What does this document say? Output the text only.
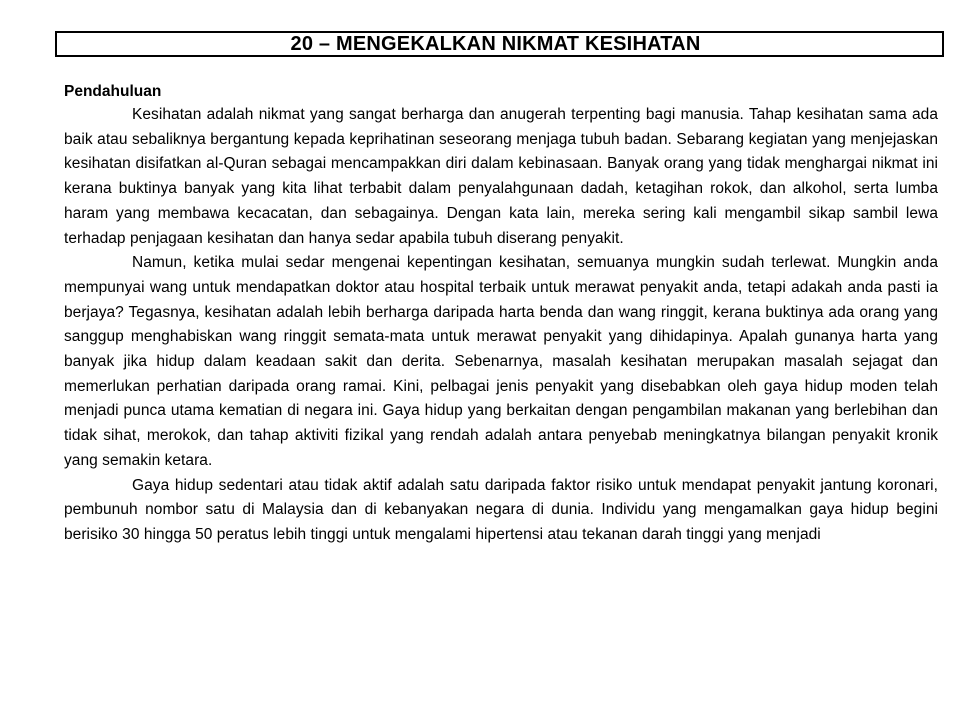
20 – MENGEKALKAN NIKMAT KESIHATAN

Pendahuluan

Kesihatan adalah nikmat yang sangat berharga dan anugerah terpenting bagi manusia. Tahap kesihatan sama ada baik atau sebaliknya bergantung kepada keprihatinan seseorang menjaga tubuh badan. Sebarang kegiatan yang menjejaskan kesihatan disifatkan al-Quran sebagai mencampakkan diri dalam kebinasaan. Banyak orang yang tidak menghargai nikmat ini kerana buktinya banyak yang kita lihat terbabit dalam penyalahgunaan dadah, ketagihan rokok, dan alkohol, serta lumba haram yang membawa kecacatan, dan sebagainya. Dengan kata lain, mereka sering kali mengambil sikap sambil lewa terhadap penjagaan kesihatan dan hanya sedar apabila tubuh diserang penyakit.

Namun, ketika mulai sedar mengenai kepentingan kesihatan, semuanya mungkin sudah terlewat. Mungkin anda mempunyai wang untuk mendapatkan doktor atau hospital terbaik untuk merawat penyakit anda, tetapi adakah anda pasti ia berjaya? Tegasnya, kesihatan adalah lebih berharga daripada harta benda dan wang ringgit, kerana buktinya ada orang yang sanggup menghabiskan wang ringgit semata-mata untuk merawat penyakit yang dihidapinya. Apalah gunanya harta yang banyak jika hidup dalam keadaan sakit dan derita. Sebenarnya, masalah kesihatan merupakan masalah sejagat dan memerlukan perhatian daripada orang ramai. Kini, pelbagai jenis penyakit yang disebabkan oleh gaya hidup moden telah menjadi punca utama kematian di negara ini. Gaya hidup yang berkaitan dengan pengambilan makanan yang berlebihan dan tidak sihat, merokok, dan tahap aktiviti fizikal yang rendah adalah antara penyebab meningkatnya bilangan penyakit kronik yang semakin ketara.

Gaya hidup sedentari atau tidak aktif adalah satu daripada faktor risiko untuk mendapat penyakit jantung koronari, pembunuh nombor satu di Malaysia dan di kebanyakan negara di dunia. Individu yang mengamalkan gaya hidup begini berisiko 30 hingga 50 peratus lebih tinggi untuk mengalami hipertensi atau tekanan darah tinggi yang menjadi
